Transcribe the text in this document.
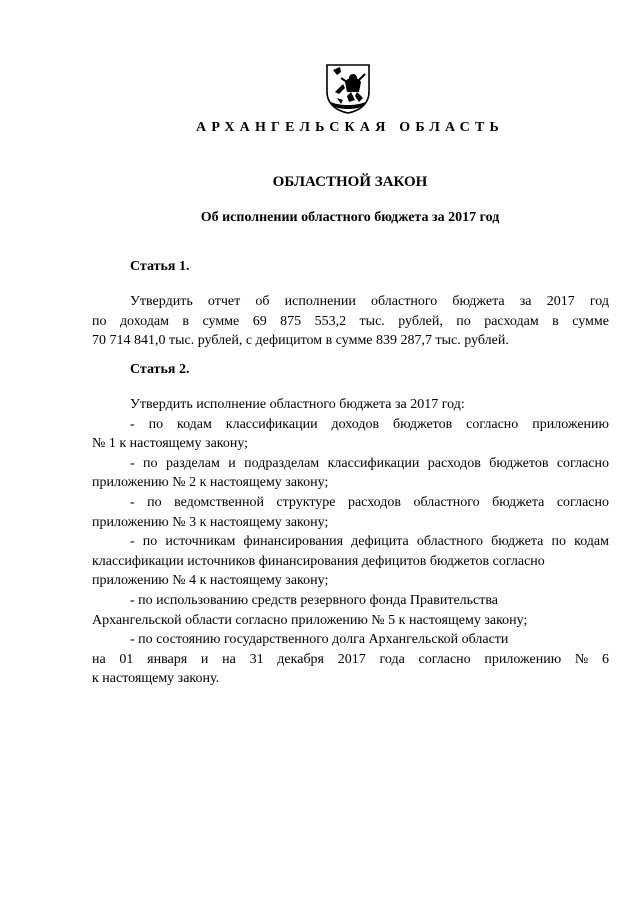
АРХАНГЕЛЬСКАЯ ОБЛАСТЬ
ОБЛАСТНОЙ ЗАКОН
Об исполнении областного бюджета за 2017 год
Статья 1.
Утвердить отчет об исполнении областного бюджета за 2017 год
по доходам в сумме 69 875 553,2 тыс. рублей, по расходам в сумме
70 714 841,0 тыс. рублей, с дефицитом в сумме 839 287,7 тыс. рублей.
Статья 2.
Утвердить исполнение областного бюджета за 2017 год:
- по кодам классификации доходов бюджетов согласно приложению
№ 1 к настоящему закону;
- по разделам и подразделам классификации расходов бюджетов согласно
приложению № 2 к настоящему закону;
- по ведомственной структуре расходов областного бюджета согласно
приложению № 3 к настоящему закону;
- по источникам финансирования дефицита областного бюджета по кодам
классификации источников финансирования дефицитов бюджетов согласно
приложению № 4 к настоящему закону;
- по использованию средств резервного фонда Правительства
Архангельской области согласно приложению № 5 к настоящему закону;
- по состоянию государственного долга Архангельской области
на 01 января и на 31 декабря 2017 года согласно приложению № 6
к настоящему закону.
